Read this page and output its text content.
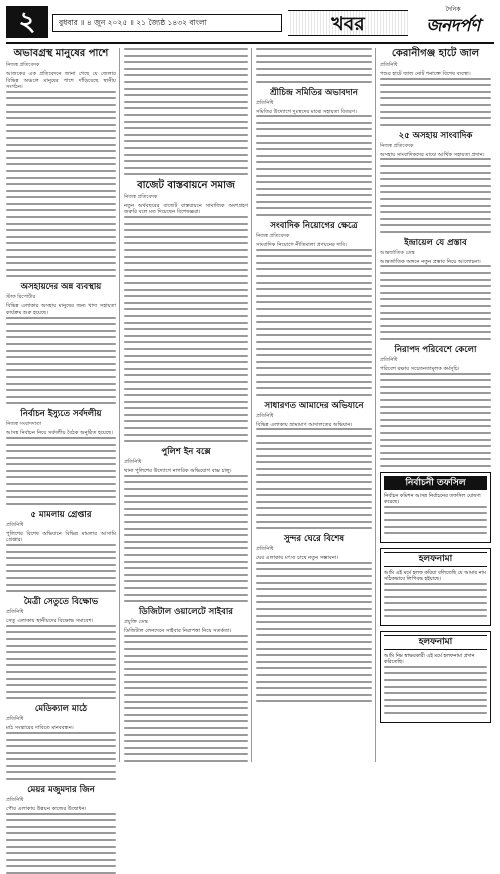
২	বুধবার ॥ ৪ জুন ২০২৫ ॥ ২১ জ্যৈষ্ঠ ১৪৩২ বাংলা	খবর
দৈনিক
জনদর্পণ
অভাবগ্রস্থ মানুষের পাশে
নিজস্ব প্রতিবেদক

আজকের এক প্রতিবেদনে জানা গেছে যে জেলার বিভিন্ন অঞ্চলে মানুষের পাশে দাঁড়িয়েছে স্থানীয় সংগঠন।

অসহায়দের অন্ন ব্যবস্থায়
স্টাফ রিপোর্টার

বিভিন্ন এলাকার অসহায় মানুষের জন্য খাদ্য সহায়তা কার্যক্রম শুরু হয়েছে।

নির্বাচন ইস্যুতে সর্বদলীয়
নিজস্ব সংবাদদাতা

আসন্ন নির্বাচন নিয়ে সর্বদলীয় বৈঠক অনুষ্ঠিত হয়েছে।

৫ মামলায় গ্রেপ্তার
প্রতিনিধি

পুলিশের বিশেষ অভিযানে বিভিন্ন মামলার আসামি গ্রেপ্তার।

মৈত্রী সেতুতে বিক্ষোভ
প্রতিনিধি

সেতু এলাকায় স্থানীয়দের বিক্ষোভ সমাবেশ।

মেডিক্যাল মাঠে
প্রতিনিধি

মাঠ সংস্কারের দাবিতে মানববন্ধন।

মেয়র মজুমদার জিন
প্রতিনিধি

পৌর এলাকায় উন্নয়ন কাজের উদ্বোধন।

বাজেট বাস্তবায়নে সমাজ
নিজস্ব প্রতিবেদক

নতুন অর্থবছরের বাজেট বাস্তবায়নে সামাজিক অংশগ্রহণ জরুরি বলে মত দিয়েছেন বিশেষজ্ঞরা।

পুলিশ ইন বক্সে
প্রতিনিধি

থানা পুলিশের উদ্যোগে নাগরিক অভিযোগ বাক্স চালু।

ডিজিটাল ওয়ালেটে সাইবার
প্রযুক্তি ডেস্ক

ডিজিটাল লেনদেনে সাইবার নিরাপত্তা নিয়ে সতর্কতা।

শ্রীচিন্দ্র সমিতির অভাবদান
প্রতিনিধি

সমিতির উদ্যোগে দুঃস্থদের মাঝে সহায়তা বিতরণ।

সংবাদিক নিয়োগের ক্ষেত্রে
নিজস্ব প্রতিবেদক

সাংবাদিক নিয়োগে নীতিমালা প্রণয়নের দাবি।

সাধারণত আমাদের অভিযানে
প্রতিনিধি

বিভিন্ন এলাকায় ভ্রাম্যমাণ আদালতের অভিযান।

সুন্দর ঘেরে বিশেষ
প্রতিনিধি

ঘের এলাকায় মৎস্য চাষে নতুন সম্ভাবনা।

কেরানীগঞ্জ হাটে জাল
প্রতিনিধি

পশুর হাটে জাল নোট শনাক্তে বিশেষ ব্যবস্থা।

২৫ অসহায় সাংবাদিক
নিজস্ব প্রতিবেদক

অসহায় সাংবাদিকদের মাঝে আর্থিক সহায়তা প্রদান।

ইন্দ্রায়েল যে প্রস্তাব
আন্তর্জাতিক ডেস্ক

আন্তর্জাতিক অঙ্গনে নতুন প্রস্তাব নিয়ে আলোচনা।

নিরাপদ পরিবেশে কেলো
প্রতিনিধি

পরিবেশ রক্ষায় সচেতনতামূলক কর্মসূচি।

নির্বাচনী তফসিল

নির্বাচন কমিশন আসন্ন নির্বাচনের তফসিল ঘোষণা করেছে।

হলফনামা

আমি এই মর্মে হলফ করিয়া বলিতেছি যে আমার নাম সঠিকভাবে লিপিবদ্ধ হইয়াছে।

হলফনামা

আমি নিম্ন স্বাক্ষরকারী এই মর্মে হলফনামা প্রদান করিতেছি।
